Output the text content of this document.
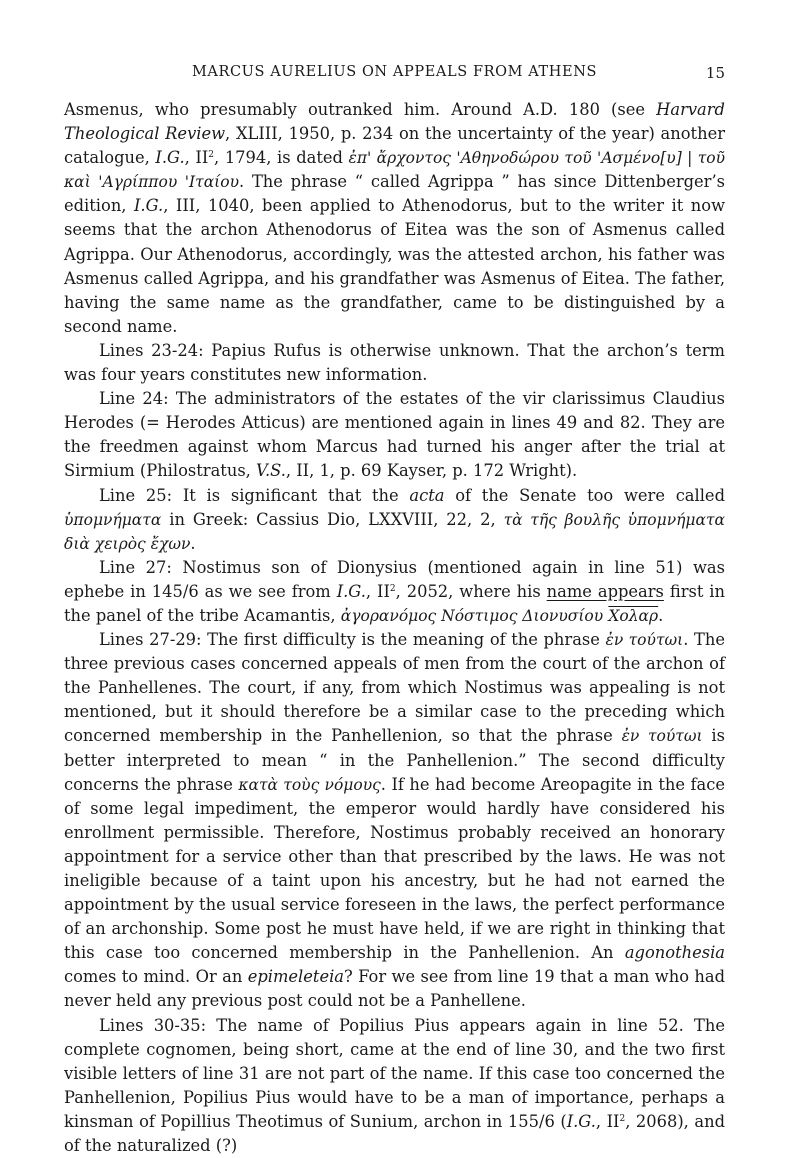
MARCUS AURELIUS ON APPEALS FROM ATHENS	15

Asmenus, who presumably outranked him. Around A.D. 180 (see Harvard Theological Review, XLIII, 1950, p. 234 on the uncertainty of the year) another catalogue, I.G., $II^2$, 1794, is dated ἐπ' ἄρχοντος 'Αθηνοδώρου τοῦ 'Ασμένο[υ] | τοῦ καὶ 'Αγρίππου 'Ιταίου. The phrase “ called Agrippa ” has since Dittenberger’s edition, I.G., III, 1040, been applied to Athenodorus, but to the writer it now seems that the archon Athenodorus of Eitea was the son of Asmenus called Agrippa. Our Athenodorus, accordingly, was the attested archon, his father was Asmenus called Agrippa, and his grandfather was Asmenus of Eitea. The father, having the same name as the grandfather, came to be distinguished by a second name.

Lines 23-24: Papius Rufus is otherwise unknown. That the archon’s term was four years constitutes new information.

Line 24: The administrators of the estates of the vir clarissimus Claudius Herodes (= Herodes Atticus) are mentioned again in lines 49 and 82. They are the freedmen against whom Marcus had turned his anger after the trial at Sirmium (Philostratus, V.S., II, 1, p. 69 Kayser, p. 172 Wright).

Line 25: It is significant that the acta of the Senate too were called ὑπομνήματα in Greek: Cassius Dio, LXXVIII, 22, 2, τὰ τῆς βουλῆς ὑπομνήματα διὰ χειρὸς ἔχων.

Line 27: Nostimus son of Dionysius (mentioned again in line 51) was ephebe in 145/6 as we see from I.G., $II^2$, 2052, where his name appears first in the panel of the tribe Acamantis, ἀγορανόμος Νόστιμος Διονυσίου Χολαρ.

Lines 27-29: The first difficulty is the meaning of the phrase ἐν τούτωι. The three previous cases concerned appeals of men from the court of the archon of the Panhellenes. The court, if any, from which Nostimus was appealing is not mentioned, but it should therefore be a similar case to the preceding which concerned membership in the Panhellenion, so that the phrase ἐν τούτωι is better interpreted to mean “ in the Panhellenion.” The second difficulty concerns the phrase κατὰ τοὺς νόμους. If he had become Areopagite in the face of some legal impediment, the emperor would hardly have considered his enrollment permissible. Therefore, Nostimus probably received an honorary appointment for a service other than that prescribed by the laws. He was not ineligible because of a taint upon his ancestry, but he had not earned the appointment by the usual service foreseen in the laws, the perfect performance of an archonship. Some post he must have held, if we are right in thinking that this case too concerned membership in the Panhellenion. An agonothesia comes to mind. Or an epimeleteia? For we see from line 19 that a man who had never held any previous post could not be a Panhellene.

Lines 30-35: The name of Popilius Pius appears again in line 52. The complete cognomen, being short, came at the end of line 30, and the two first visible letters of line 31 are not part of the name. If this case too concerned the Panhellenion, Popilius Pius would have to be a man of importance, perhaps a kinsman of Popillius Theotimus of Sunium, archon in 155/6 (I.G., $II^2$, 2068), and of the naturalized (?)
